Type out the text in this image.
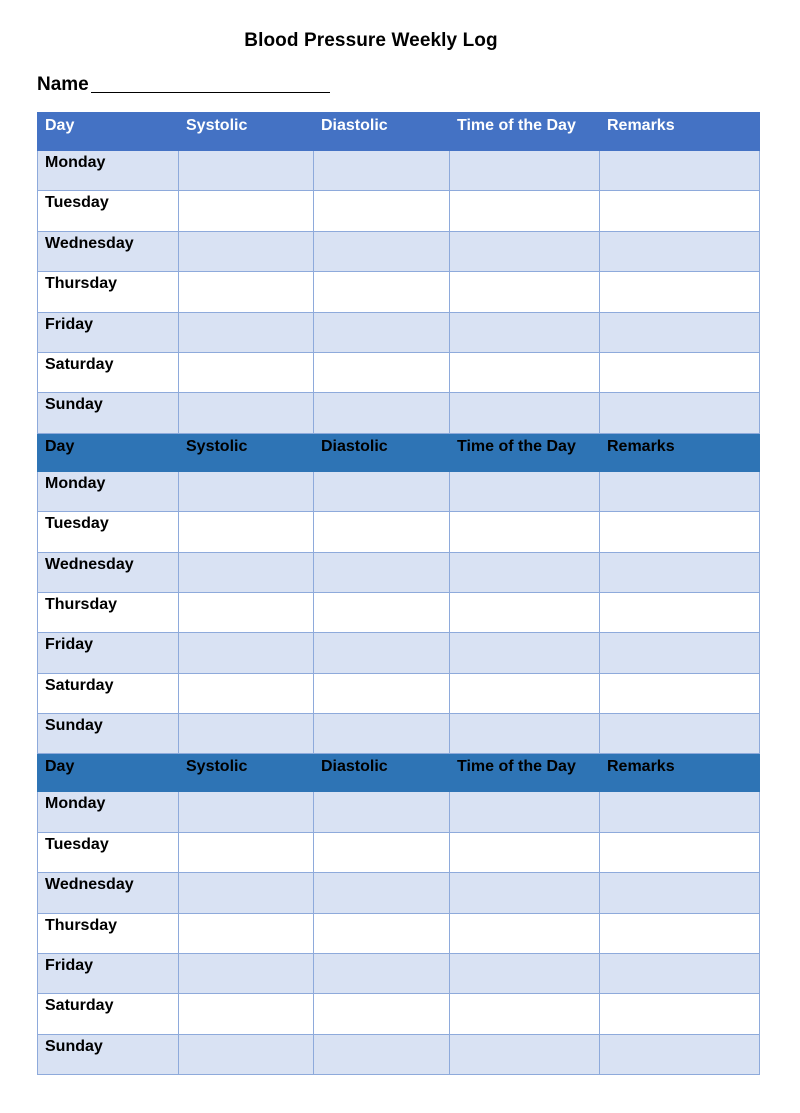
Blood Pressure Weekly Log
Name
Day	Systolic	Diastolic	Time of the Day	Remarks
Monday				
Tuesday				
Wednesday				
Thursday				
Friday				
Saturday				
Sunday				
Day	Systolic	Diastolic	Time of the Day	Remarks
Monday				
Tuesday				
Wednesday				
Thursday				
Friday				
Saturday				
Sunday				
Day	Systolic	Diastolic	Time of the Day	Remarks
Monday				
Tuesday				
Wednesday				
Thursday				
Friday				
Saturday				
Sunday				
